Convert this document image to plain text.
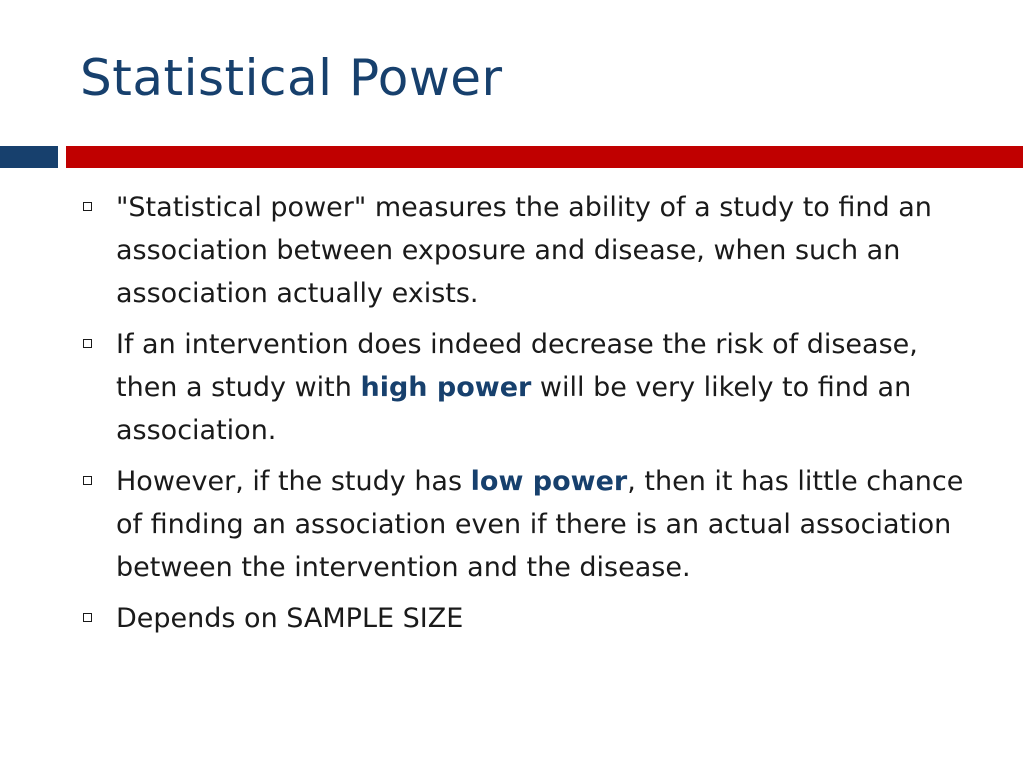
Statistical Power
"Statistical power" measures the ability of a study to find an association between exposure and disease, when such an association actually exists.
If an intervention does indeed decrease the risk of disease, then a study with high power will be very likely to find an association.
However, if the study has low power, then it has little chance of finding an association even if there is an actual association between the intervention and the disease.
Depends on SAMPLE SIZE
